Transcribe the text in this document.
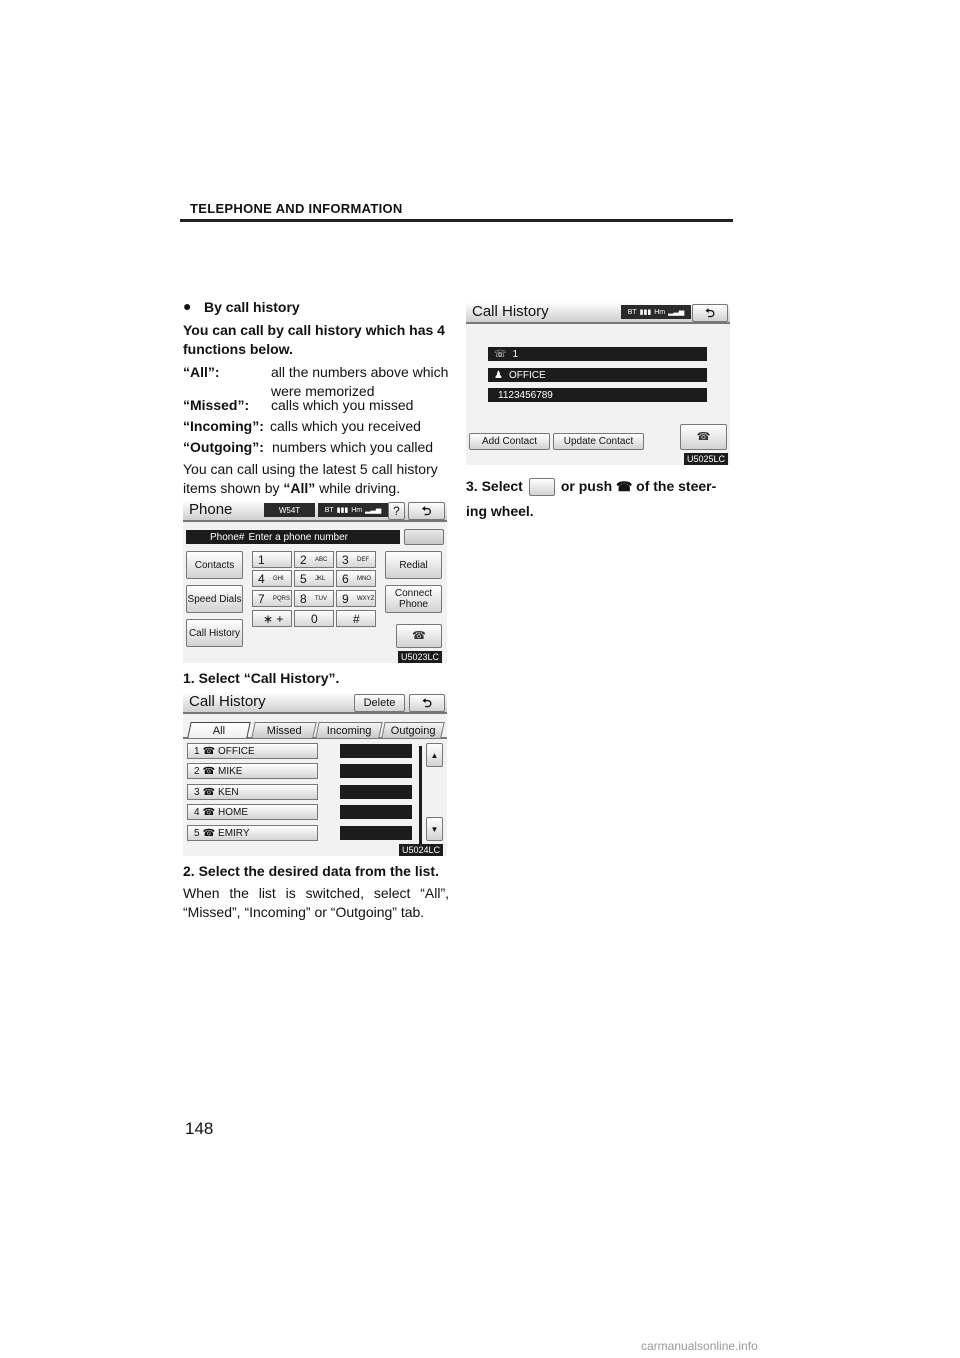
TELEPHONE AND INFORMATION
● By call history
You can call by call history which has 4 functions below.
“All”:	all the numbers above which were memorized
“Missed”: calls which you missed
“Incoming”: calls which you received
“Outgoing”: numbers which you called
You can call using the latest 5 call history items shown by “All” while driving.
Phone	W54T	BT ▮▮▮ Hm ▂▃▅ ?	⮌
Phone# Enter a phone number
Contacts
Speed Dials
Call History
1	2 ABC 3 DEF
4 GHI 5 JKL 6 MNO
7 PQRS 8 TUV 9 WXYZ
∗ + 0	#
Redial
Connect Phone
☎
U5023LC
1. Select “Call History”.
Call History	Delete	⮌
All	Missed Incoming Outgoing
1 ☎ OFFICE
2 ☎ MIKE
3 ☎ KEN
4 ☎ HOME
5 ☎ EMIRY
▲
▼
U5024LC
2. Select the desired data from the list.
When the list is switched, select “All”, “Missed”, “Incoming” or “Outgoing” tab.
Call History	BT ▮▮▮ Hm ▂▃▅	⮌
☏ 1
♟ OFFICE
1123456789
Add Contact	Update Contact	☎
U5025LC
3. Select	or push ☎ of the steer-ing wheel.
148
carmanualsonline.info
